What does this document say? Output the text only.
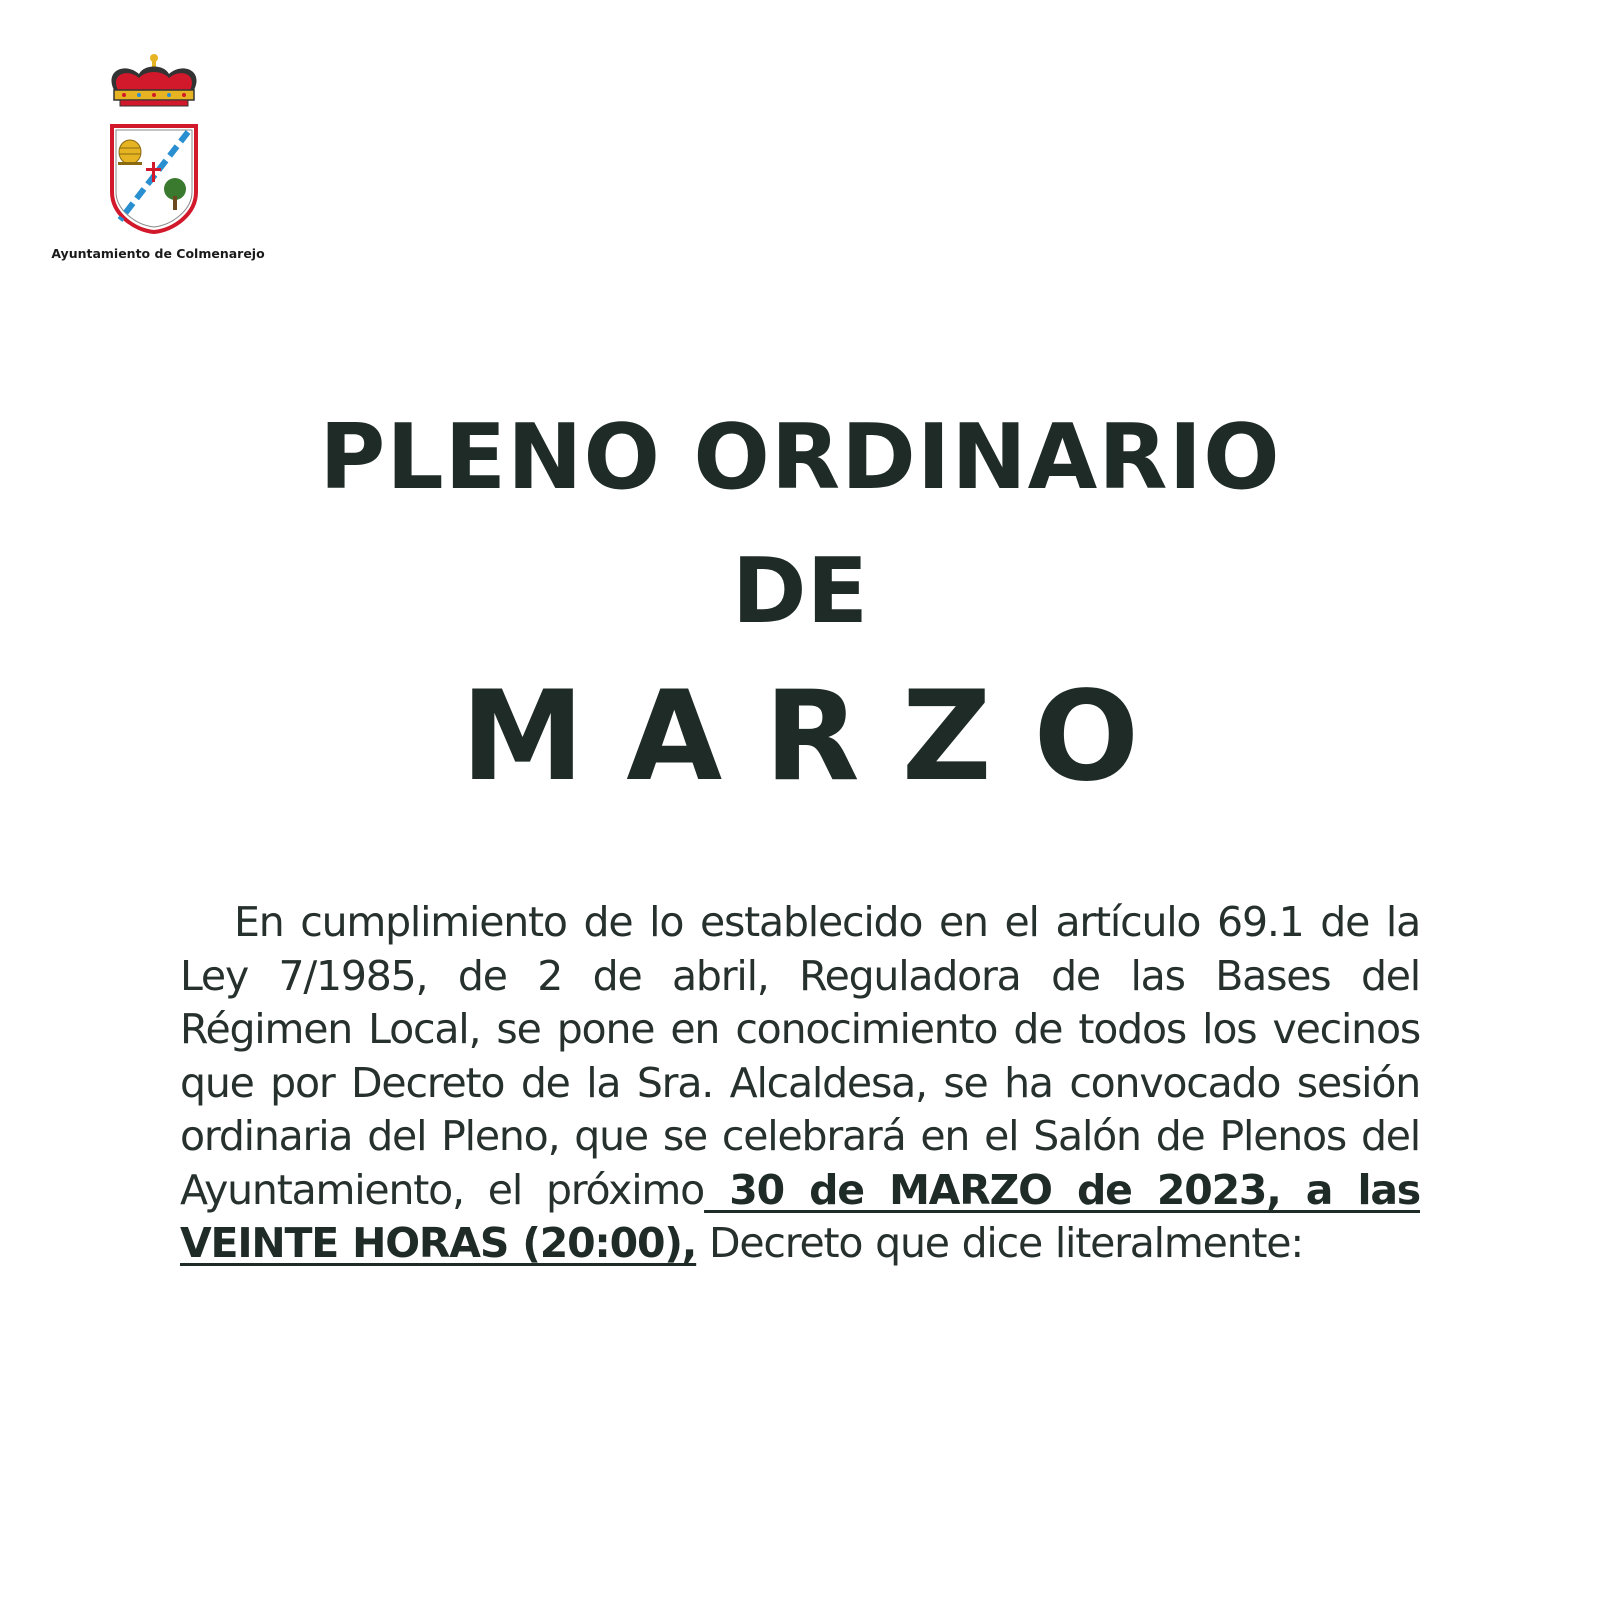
Ayuntamiento de Colmenarejo
PLENO ORDINARIO
DE
MARZO
En cumplimiento de lo establecido en el artículo 69.1 de la Ley 7/1985, de 2 de abril, Reguladora de las Bases del Régimen Local, se pone en conocimiento de todos los vecinos que por Decreto de la Sra. Alcaldesa, se ha convocado sesión ordinaria del Pleno, que se celebrará en el Salón de Plenos del Ayuntamiento, el próximo 30 de MARZO de 2023, a las VEINTE HORAS (20:00), Decreto que dice literalmente:
